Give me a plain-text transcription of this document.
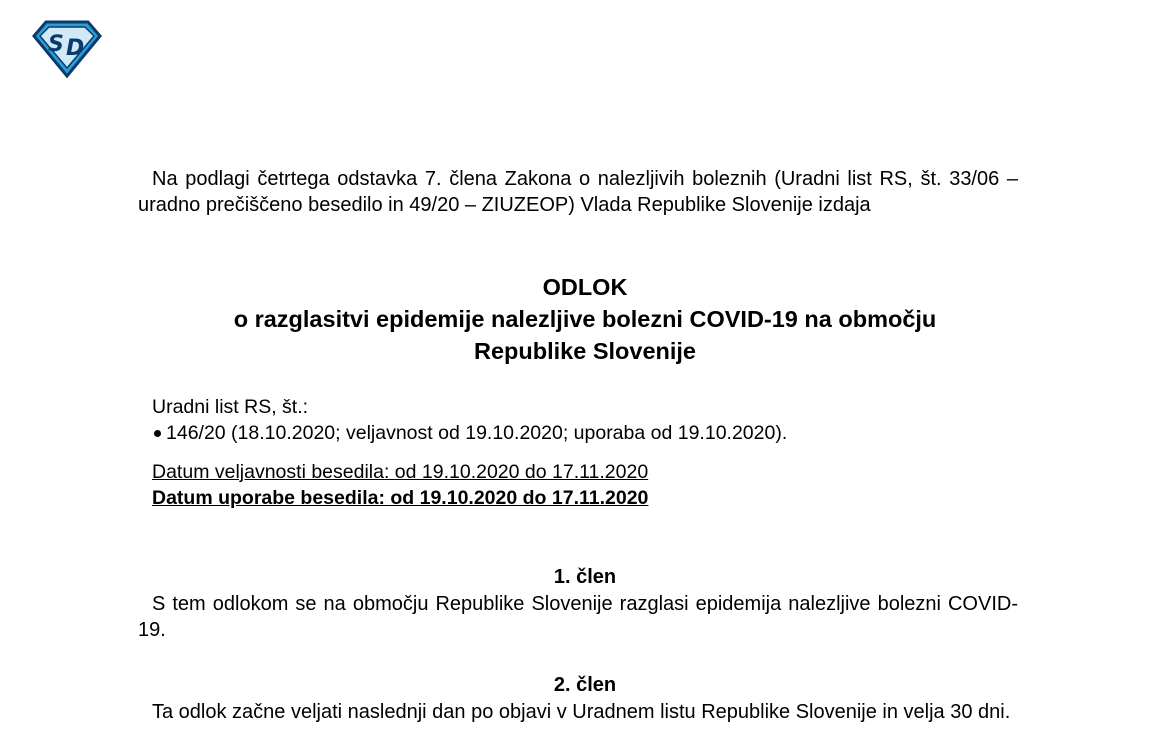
S D

Na podlagi četrtega odstavka 7. člena Zakona o nalezljivih boleznih (Uradni list RS, št. 33/06 – uradno prečiščeno besedilo in 49/20 – ZIUZEOP) Vlada Republike Slovenije izdaja

ODLOK
o razglasitvi epidemije nalezljive bolezni COVID-19 na območju
Republike Slovenije
Uradni list RS, št.:
146/20 (18.10.2020; veljavnost od 19.10.2020; uporaba od 19.10.2020).
Datum veljavnosti besedila: od 19.10.2020 do 17.11.2020
Datum uporabe besedila: od 19.10.2020 do 17.11.2020
1. člen

S tem odlokom se na območju Republike Slovenije razglasi epidemija nalezljive bolezni COVID-19.

2. člen

Ta odlok začne veljati naslednji dan po objavi v Uradnem listu Republike Slovenije in velja 30 dni.
